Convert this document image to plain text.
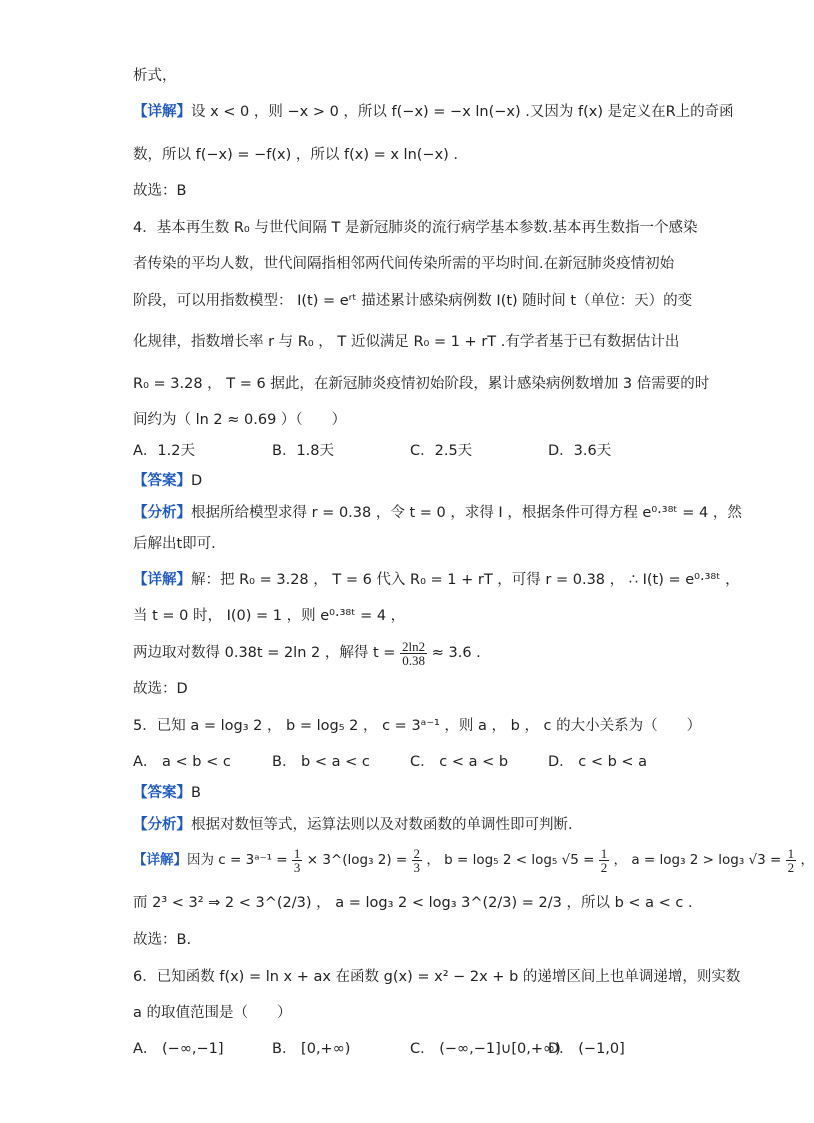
析式，
【详解】设 x < 0 ，则 −x > 0 ，所以 f(−x) = −x ln(−x) .又因为 f(x) 是定义在R上的奇函
数，所以 f(−x) = −f(x) ，所以 f(x) = x ln(−x) .
故选：B
4．基本再生数 R₀ 与世代间隔 T 是新冠肺炎的流行病学基本参数.基本再生数指一个感染
者传染的平均人数，世代间隔指相邻两代间传染所需的平均时间.在新冠肺炎疫情初始
阶段，可以用指数模型： I(t) = eʳᵗ 描述累计感染病例数 I(t) 随时间 t（单位：天）的变
化规律，指数增长率 r 与 R₀ ， T 近似满足 R₀ = 1 + rT .有学者基于已有数据估计出
R₀ = 3.28 ， T = 6 据此，在新冠肺炎疫情初始阶段，累计感染病例数增加 3 倍需要的时
间约为（ ln 2 ≈ 0.69 ）（　　）
A．1.2天	B．1.8天	C．2.5天	D．3.6天
【答案】D
【分析】根据所给模型求得 r = 0.38 ，令 t = 0 ，求得 I ，根据条件可得方程 e⁰·³⁸ᵗ = 4 ，然
后解出t即可.
【详解】解：把 R₀ = 3.28 ， T = 6 代入 R₀ = 1 + rT ，可得 r = 0.38 ， ∴ I(t) = e⁰·³⁸ᵗ ，
当 t = 0 时， I(0) = 1 ，则 e⁰·³⁸ᵗ = 4 ，
两边取对数得 0.38t = 2ln 2 ，解得 $t = \frac{2\ln 2}{0.38} \approx 3.6$ .
故选：D
5．已知 a = log₃ 2 ， b = log₅ 2 ， c = 3ᵃ⁻¹ ，则 a ， b ， c 的大小关系为（　　）
A． a < b < c	B． b < a < c	C． c < a < b	D． c < b < a
【答案】B
【分析】根据对数恒等式，运算法则以及对数函数的单调性即可判断.
【详解】因为 c = 3ᵃ⁻¹ = $\frac{1}{3}$ × 3^(log₃ $2) = \frac{2}{3}$ ， b = log₅ 2 < log₅ $√5 = \frac{1}{2}$ ， a = log₃ 2 > log₃ $√3 = \frac{1}{2}$ ，
而 2³ < 3² ⇒ 2 < 3^(2/3) ， a = log₃ 2 < log₃ 3^(2/3) = 2/3 ，所以 b < a < c .
故选：B.
6．已知函数 f(x) = ln x + ax 在函数 g(x) = x² − 2x + b 的递增区间上也单调递增，则实数
a 的取值范围是（　　）
A． (−∞,−1]	B． [0,+∞)	C． (−∞,−1]∪[0,+∞)
D． (−1,0]
